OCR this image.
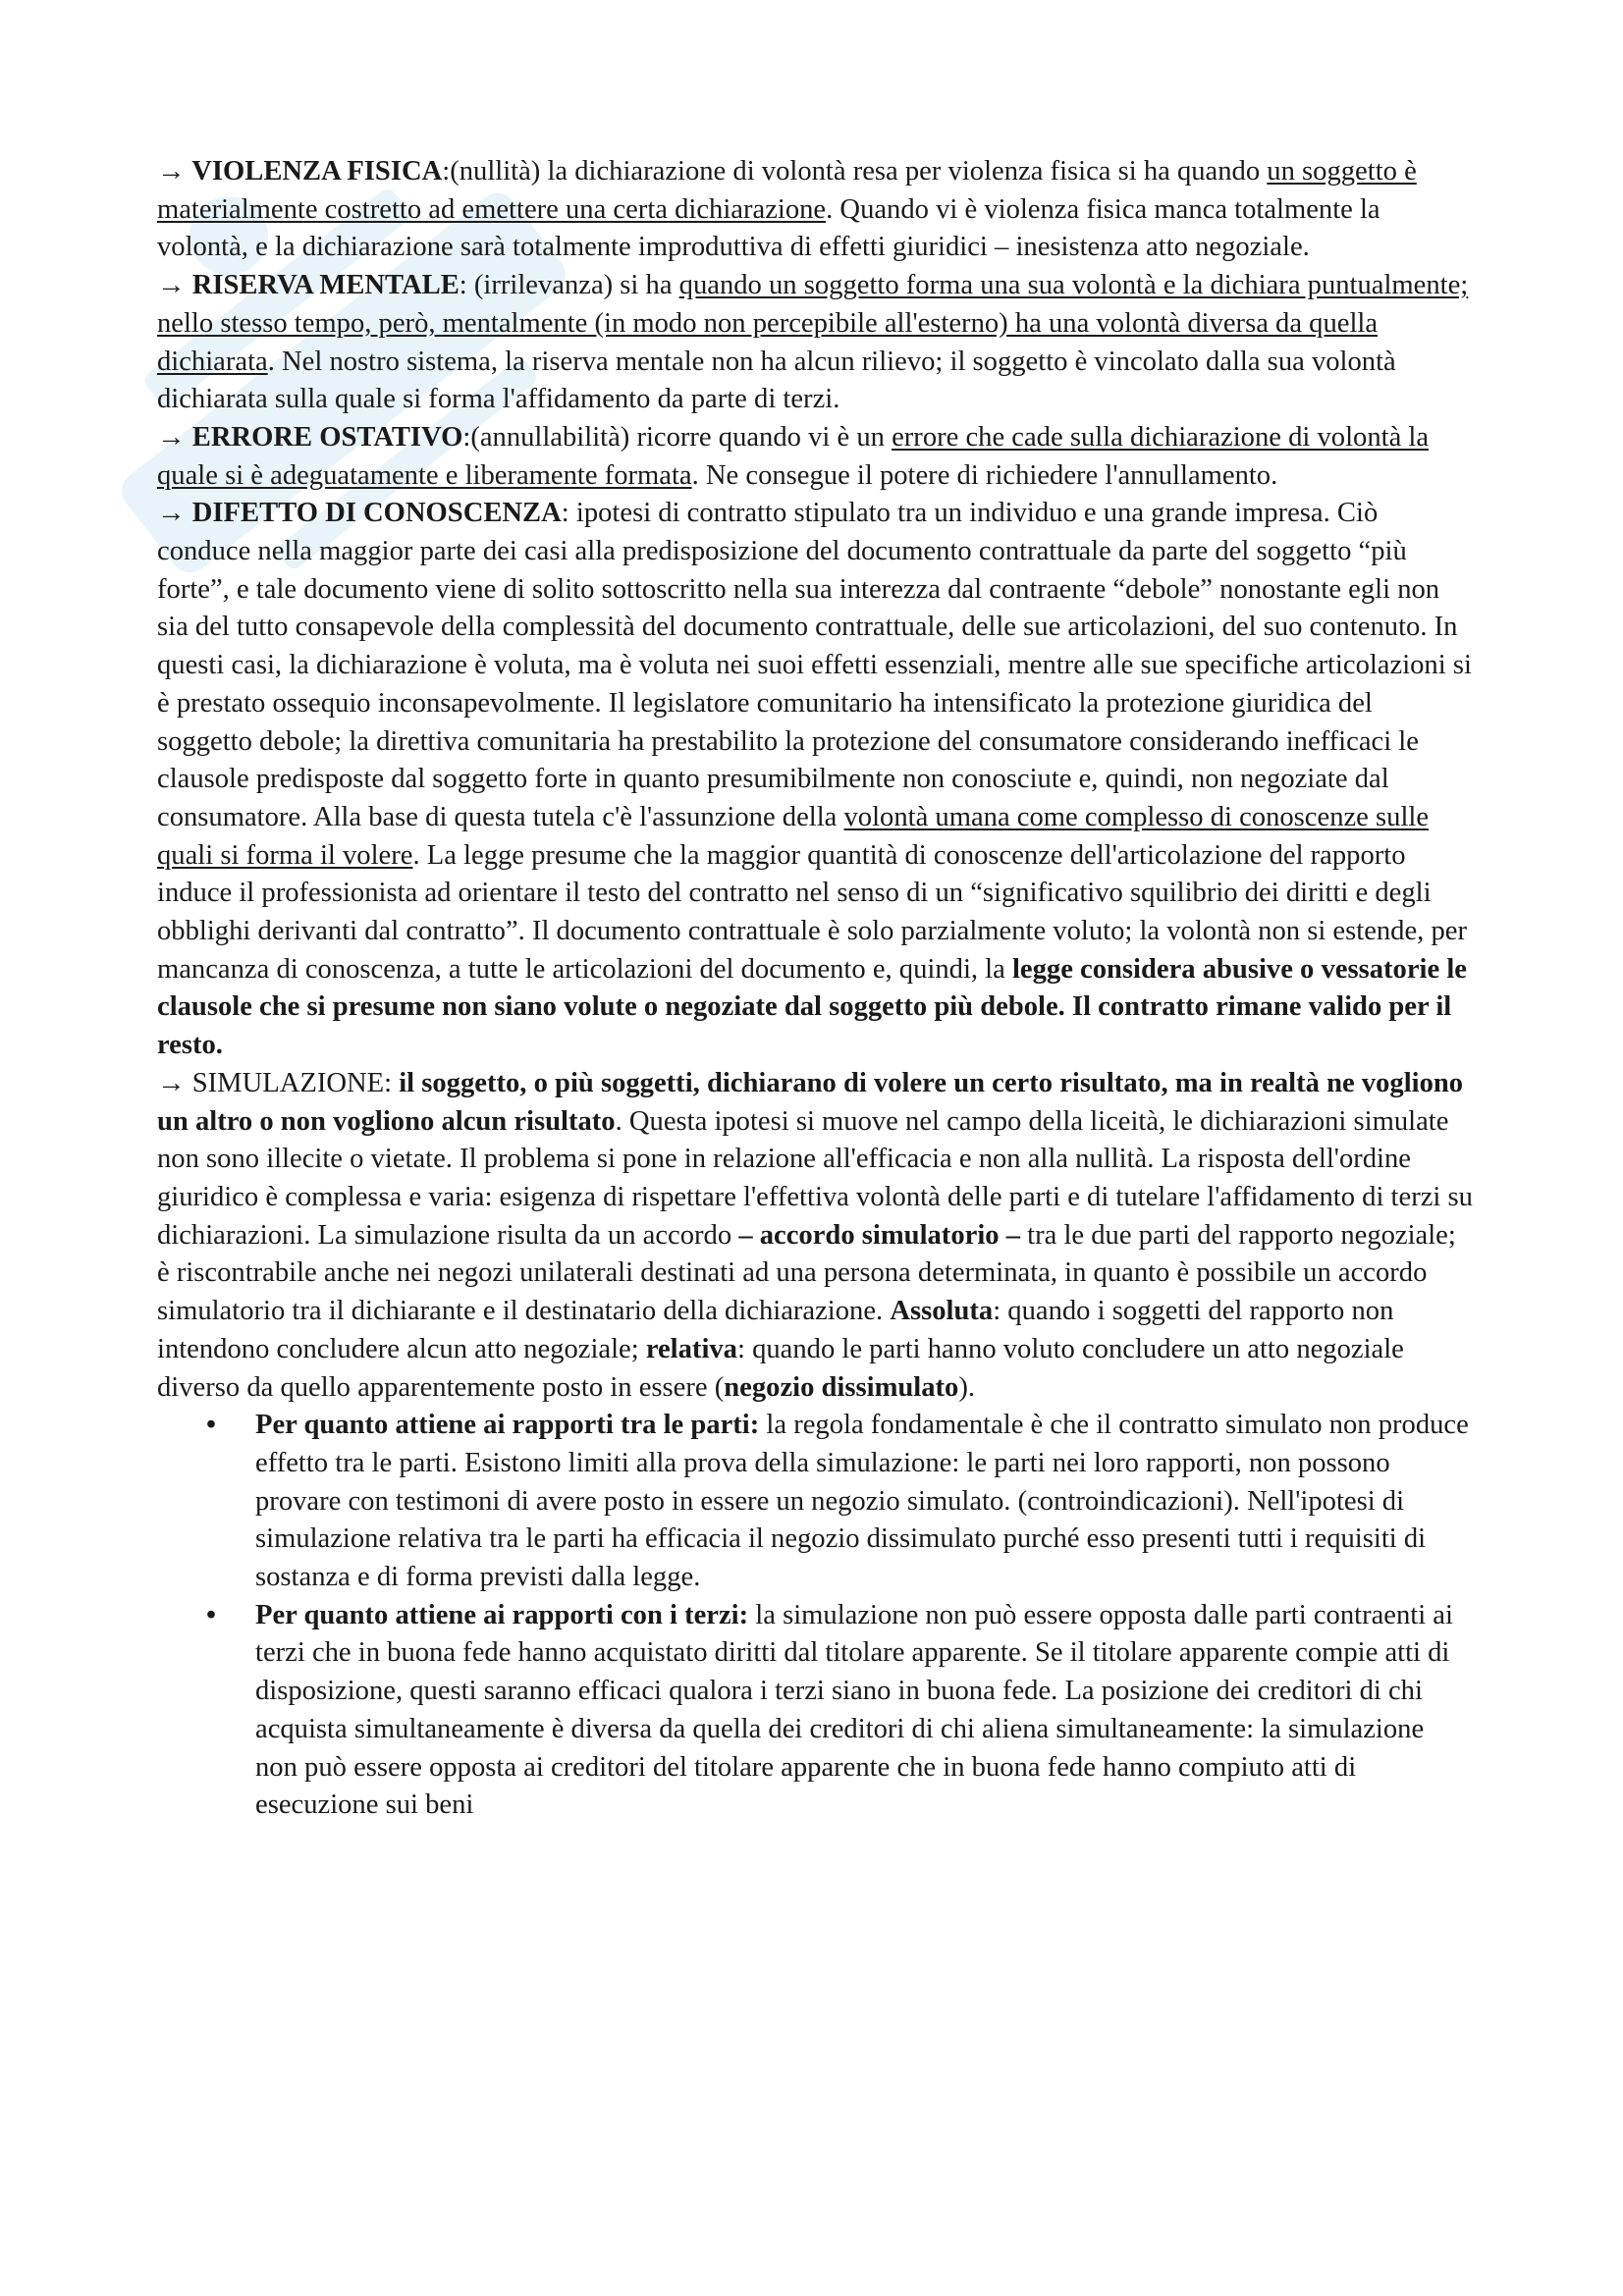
→ VIOLENZA FISICA:(nullità) la dichiarazione di volontà resa per violenza fisica si ha quando un soggetto è materialmente costretto ad emettere una certa dichiarazione. Quando vi è violenza fisica manca totalmente la volontà, e la dichiarazione sarà totalmente improduttiva di effetti giuridici – inesistenza atto negoziale.

→ RISERVA MENTALE: (irrilevanza) si ha quando un soggetto forma una sua volontà e la dichiara puntualmente; nello stesso tempo, però, mentalmente (in modo non percepibile all'esterno) ha una volontà diversa da quella dichiarata. Nel nostro sistema, la riserva mentale non ha alcun rilievo; il soggetto è vincolato dalla sua volontà dichiarata sulla quale si forma l'affidamento da parte di terzi.

→ ERRORE OSTATIVO:(annullabilità) ricorre quando vi è un errore che cade sulla dichiarazione di volontà la quale si è adeguatamente e liberamente formata. Ne consegue il potere di richiedere l'annullamento.

→ DIFETTO DI CONOSCENZA: ipotesi di contratto stipulato tra un individuo e una grande impresa. Ciò conduce nella maggior parte dei casi alla predisposizione del documento contrattuale da parte del soggetto “più forte”, e tale documento viene di solito sottoscritto nella sua interezza dal contraente “debole” nonostante egli non sia del tutto consapevole della complessità del documento contrattuale, delle sue articolazioni, del suo contenuto. In questi casi, la dichiarazione è voluta, ma è voluta nei suoi effetti essenziali, mentre alle sue specifiche articolazioni si è prestato ossequio inconsapevolmente. Il legislatore comunitario ha intensificato la protezione giuridica del soggetto debole; la direttiva comunitaria ha prestabilito la protezione del consumatore considerando inefficaci le clausole predisposte dal soggetto forte in quanto presumibilmente non conosciute e, quindi, non negoziate dal consumatore. Alla base di questa tutela c'è l'assunzione della volontà umana come complesso di conoscenze sulle quali si forma il volere. La legge presume che la maggior quantità di conoscenze dell'articolazione del rapporto induce il professionista ad orientare il testo del contratto nel senso di un “significativo squilibrio dei diritti e degli obblighi derivanti dal contratto”. Il documento contrattuale è solo parzialmente voluto; la volontà non si estende, per mancanza di conoscenza, a tutte le articolazioni del documento e, quindi, la legge considera abusive o vessatorie le clausole che si presume non siano volute o negoziate dal soggetto più debole. Il contratto rimane valido per il resto.

→ SIMULAZIONE: il soggetto, o più soggetti, dichiarano di volere un certo risultato, ma in realtà ne vogliono un altro o non vogliono alcun risultato. Questa ipotesi si muove nel campo della liceità, le dichiarazioni simulate non sono illecite o vietate. Il problema si pone in relazione all'efficacia e non alla nullità. La risposta dell'ordine giuridico è complessa e varia: esigenza di rispettare l'effettiva volontà delle parti e di tutelare l'affidamento di terzi su dichiarazioni. La simulazione risulta da un accordo – accordo simulatorio – tra le due parti del rapporto negoziale; è riscontrabile anche nei negozi unilaterali destinati ad una persona determinata, in quanto è possibile un accordo simulatorio tra il dichiarante e il destinatario della dichiarazione. Assoluta: quando i soggetti del rapporto non intendono concludere alcun atto negoziale; relativa: quando le parti hanno voluto concludere un atto negoziale diverso da quello apparentemente posto in essere (negozio dissimulato).

• Per quanto attiene ai rapporti tra le parti: la regola fondamentale è che il contratto simulato non produce effetto tra le parti. Esistono limiti alla prova della simulazione: le parti nei loro rapporti, non possono provare con testimoni di avere posto in essere un negozio simulato. (controindicazioni). Nell'ipotesi di simulazione relativa tra le parti ha efficacia il negozio dissimulato purché esso presenti tutti i requisiti di sostanza e di forma previsti dalla legge.
• Per quanto attiene ai rapporti con i terzi: la simulazione non può essere opposta dalle parti contraenti ai terzi che in buona fede hanno acquistato diritti dal titolare apparente. Se il titolare apparente compie atti di disposizione, questi saranno efficaci qualora i terzi siano in buona fede. La posizione dei creditori di chi acquista simultaneamente è diversa da quella dei creditori di chi aliena simultaneamente: la simulazione non può essere opposta ai creditori del titolare apparente che in buona fede hanno compiuto atti di esecuzione sui beni
